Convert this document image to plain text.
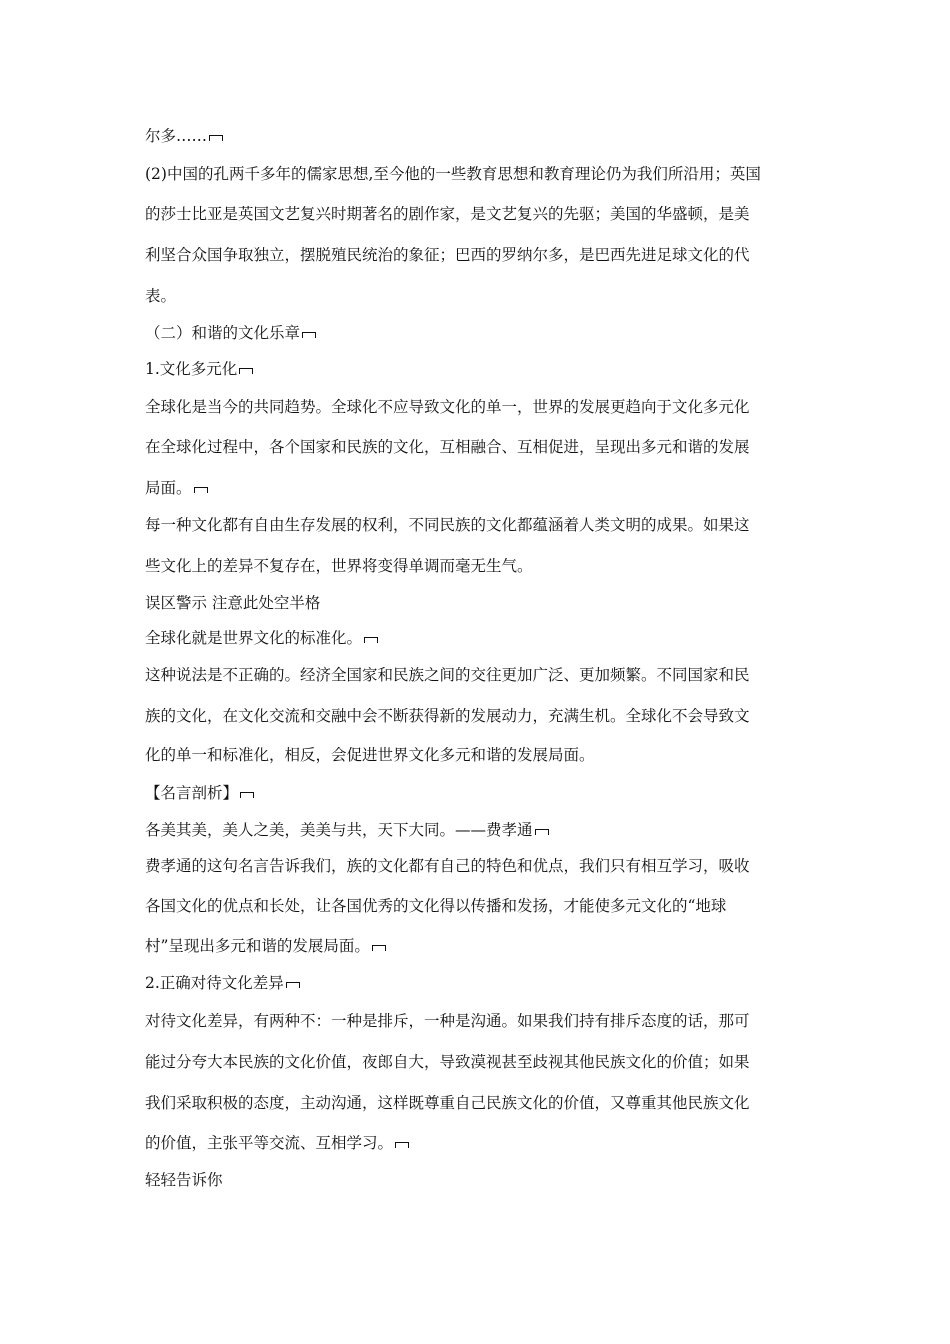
尔多……
(2)中国的孔两千多年的儒家思想,至今他的一些教育思想和教育理论仍为我们所沿用；英国
的莎士比亚是英国文艺复兴时期著名的剧作家，是文艺复兴的先驱；美国的华盛顿，是美
利坚合众国争取独立，摆脱殖民统治的象征；巴西的罗纳尔多，是巴西先进足球文化的代
表。
（二）和谐的文化乐章
1.文化多元化
全球化是当今的共同趋势。全球化不应导致文化的单一，世界的发展更趋向于文化多元化
在全球化过程中，各个国家和民族的文化，互相融合、互相促进，呈现出多元和谐的发展
局面。
每一种文化都有自由生存发展的权利，不同民族的文化都蕴涵着人类文明的成果。如果这
些文化上的差异不复存在，世界将变得单调而毫无生气。
误区警示 注意此处空半格
全球化就是世界文化的标准化。
这种说法是不正确的。经济全国家和民族之间的交往更加广泛、更加频繁。不同国家和民
族的文化，在文化交流和交融中会不断获得新的发展动力，充满生机。全球化不会导致文
化的单一和标准化，相反，会促进世界文化多元和谐的发展局面。
【名言剖析】
各美其美，美人之美，美美与共，天下大同。——费孝通
费孝通的这句名言告诉我们，族的文化都有自己的特色和优点，我们只有相互学习，吸收
各国文化的优点和长处，让各国优秀的文化得以传播和发扬，才能使多元文化的“地球
村”呈现出多元和谐的发展局面。
2.正确对待文化差异
对待文化差异，有两种不：一种是排斥，一种是沟通。如果我们持有排斥态度的话，那可
能过分夸大本民族的文化价值，夜郎自大，导致漠视甚至歧视其他民族文化的价值；如果
我们采取积极的态度，主动沟通，这样既尊重自己民族文化的价值，又尊重其他民族文化
的价值，主张平等交流、互相学习。
轻轻告诉你
